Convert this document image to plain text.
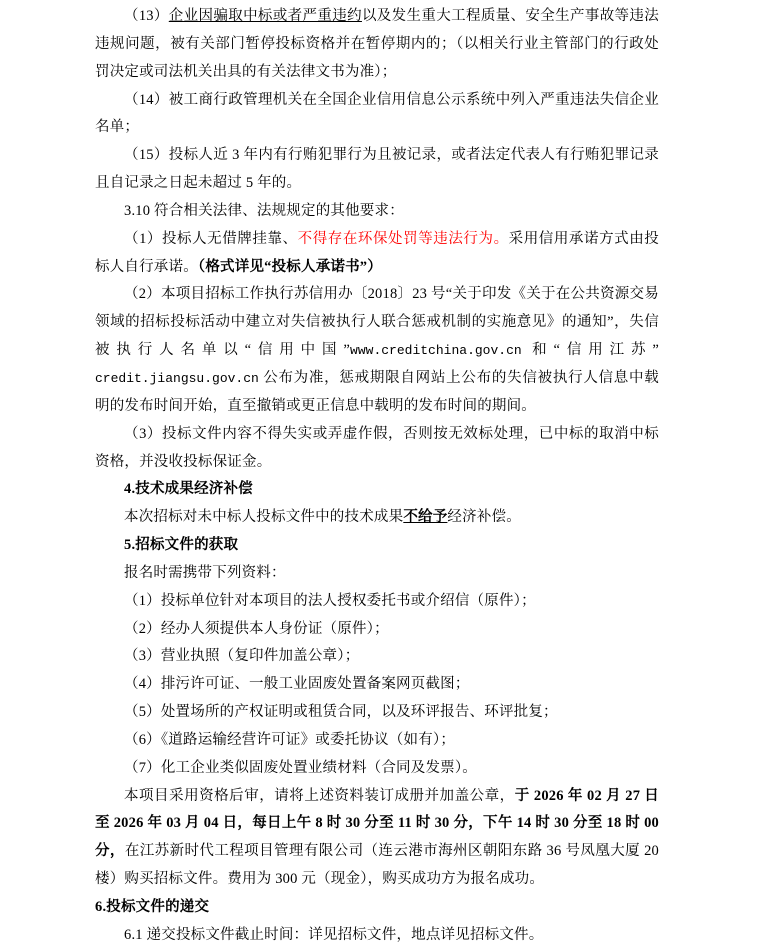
（13）企业因骗取中标或者严重违约以及发生重大工程质量、安全生产事故等违法违规问题，被有关部门暂停投标资格并在暂停期内的；（以相关行业主管部门的行政处罚决定或司法机关出具的有关法律文书为准）；

（14）被工商行政管理机关在全国企业信用信息公示系统中列入严重违法失信企业名单；

（15）投标人近 3 年内有行贿犯罪行为且被记录，或者法定代表人有行贿犯罪记录且自记录之日起未超过 5 年的。

3.10 符合相关法律、法规规定的其他要求：

（1）投标人无借牌挂靠、不得存在环保处罚等违法行为。采用信用承诺方式由投标人自行承诺。（格式详见“投标人承诺书”）

（2）本项目招标工作执行苏信用办〔2018〕23 号“关于印发《关于在公共资源交易领域的招标投标活动中建立对失信被执行人联合惩戒机制的实施意见》的通知”，失信被执行人名单以“信用中国”www.creditchina.gov.cn 和“信用江苏”credit.jiangsu.gov.cn 公布为准，惩戒期限自网站上公布的失信被执行人信息中载明的发布时间开始，直至撤销或更正信息中载明的发布时间的期间。

（3）投标文件内容不得失实或弄虚作假，否则按无效标处理，已中标的取消中标资格，并没收投标保证金。

4.技术成果经济补偿

本次招标对未中标人投标文件中的技术成果不给予经济补偿。

5.招标文件的获取

报名时需携带下列资料：

（1）投标单位针对本项目的法人授权委托书或介绍信（原件）；

（2）经办人须提供本人身份证（原件）；

（3）营业执照（复印件加盖公章）；

（4）排污许可证、一般工业固废处置备案网页截图；

（5）处置场所的产权证明或租赁合同，以及环评报告、环评批复；

（6）《道路运输经营许可证》或委托协议（如有）；

（7）化工企业类似固废处置业绩材料（合同及发票）。

本项目采用资格后审，请将上述资料装订成册并加盖公章，于 2026 年 02 月 27 日至 2026 年 03 月 04 日，每日上午 8 时 30 分至 11 时 30 分，下午 14 时 30 分至 18 时 00 分，在江苏新时代工程项目管理有限公司（连云港市海州区朝阳东路 36 号凤凰大厦 20 楼）购买招标文件。费用为 300 元（现金），购买成功方为报名成功。

6.投标文件的递交

6.1 递交投标文件截止时间：详见招标文件，地点详见招标文件。
